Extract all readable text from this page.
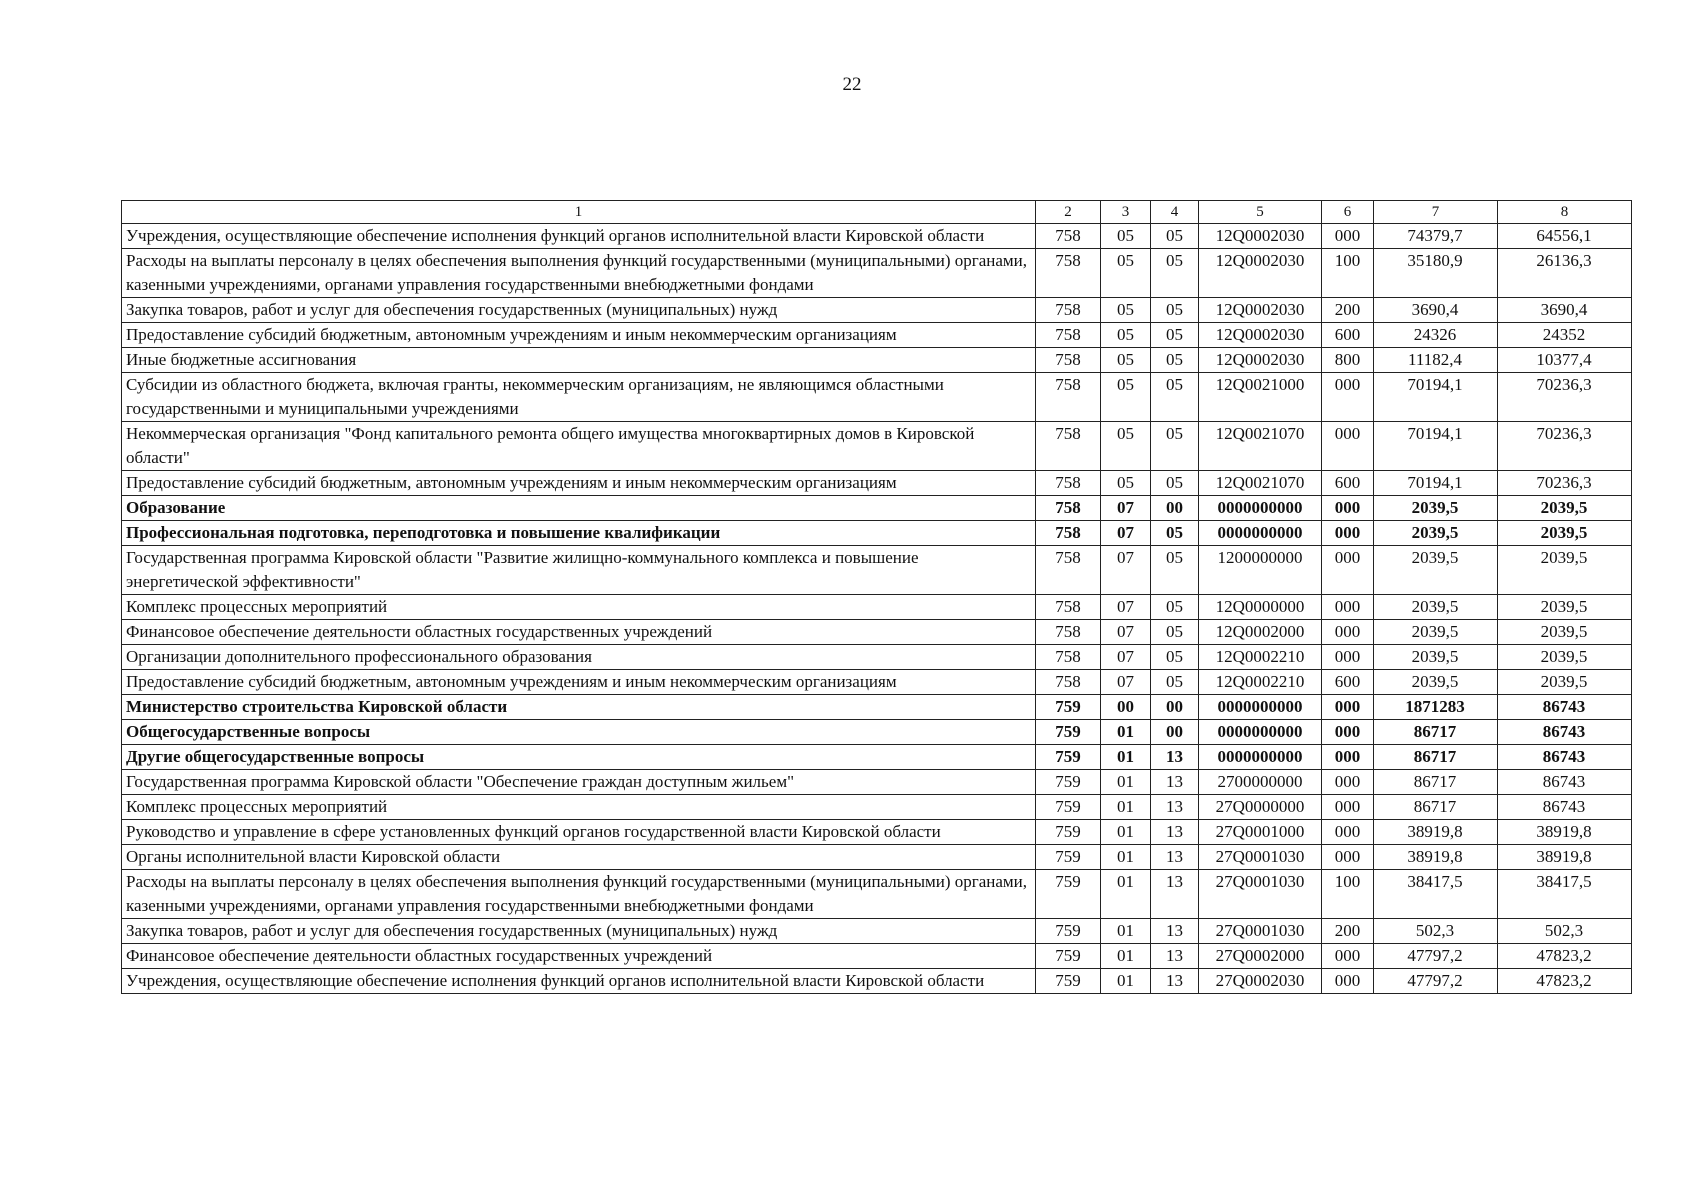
22
1	2	3	4	5	6	7	8
Учреждения, осуществляющие обеспечение исполнения функций органов исполнительной власти Кировской области	758	05	05	12Q0002030	000	74379,7	64556,1
Расходы на выплаты персоналу в целях обеспечения выполнения функций государственными (муниципальными) органами, казенными учреждениями, органами управления государственными внебюджетными фондами	758	05	05	12Q0002030	100	35180,9	26136,3
Закупка товаров, работ и услуг для обеспечения государственных (муниципальных) нужд	758	05	05	12Q0002030	200	3690,4	3690,4
Предоставление субсидий бюджетным, автономным учреждениям и иным некоммерческим организациям	758	05	05	12Q0002030	600	24326	24352
Иные бюджетные ассигнования	758	05	05	12Q0002030	800	11182,4	10377,4
Субсидии из областного бюджета, включая гранты, некоммерческим организациям, не являющимся областными государственными и муниципальными учреждениями	758	05	05	12Q0021000	000	70194,1	70236,3
Некоммерческая организация "Фонд капитального ремонта общего имущества многоквартирных домов в Кировской области"	758	05	05	12Q0021070	000	70194,1	70236,3
Предоставление субсидий бюджетным, автономным учреждениям и иным некоммерческим организациям	758	05	05	12Q0021070	600	70194,1	70236,3
Образование	758	07	00	0000000000	000	2039,5	2039,5
Профессиональная подготовка, переподготовка и повышение квалификации	758	07	05	0000000000	000	2039,5	2039,5
Государственная программа Кировской области "Развитие жилищно-коммунального комплекса и повышение энергетической эффективности"	758	07	05	1200000000	000	2039,5	2039,5
Комплекс процессных мероприятий	758	07	05	12Q0000000	000	2039,5	2039,5
Финансовое обеспечение деятельности областных государственных учреждений	758	07	05	12Q0002000	000	2039,5	2039,5
Организации дополнительного профессионального образования	758	07	05	12Q0002210	000	2039,5	2039,5
Предоставление субсидий бюджетным, автономным учреждениям и иным некоммерческим организациям	758	07	05	12Q0002210	600	2039,5	2039,5
Министерство строительства Кировской области	759	00	00	0000000000	000	1871283	86743
Общегосударственные вопросы	759	01	00	0000000000	000	86717	86743
Другие общегосударственные вопросы	759	01	13	0000000000	000	86717	86743
Государственная программа Кировской области "Обеспечение граждан доступным жильем"	759	01	13	2700000000	000	86717	86743
Комплекс процессных мероприятий	759	01	13	27Q0000000	000	86717	86743
Руководство и управление в сфере установленных функций органов государственной власти Кировской области	759	01	13	27Q0001000	000	38919,8	38919,8
Органы исполнительной власти Кировской области	759	01	13	27Q0001030	000	38919,8	38919,8
Расходы на выплаты персоналу в целях обеспечения выполнения функций государственными (муниципальными) органами, казенными учреждениями, органами управления государственными внебюджетными фондами	759	01	13	27Q0001030	100	38417,5	38417,5
Закупка товаров, работ и услуг для обеспечения государственных (муниципальных) нужд	759	01	13	27Q0001030	200	502,3	502,3
Финансовое обеспечение деятельности областных государственных учреждений	759	01	13	27Q0002000	000	47797,2	47823,2
Учреждения, осуществляющие обеспечение исполнения функций органов исполнительной власти Кировской области	759	01	13	27Q0002030	000	47797,2	47823,2
